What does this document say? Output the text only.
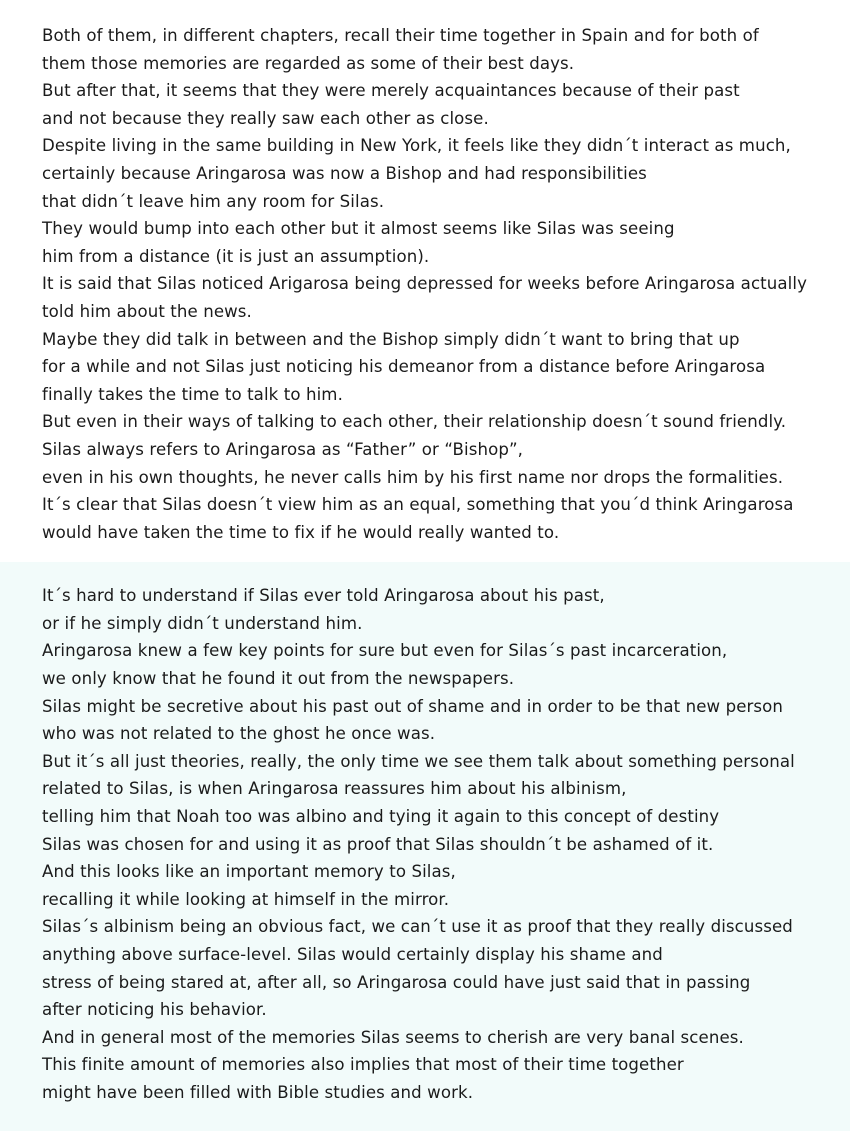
Both of them, in different chapters, recall their time together in Spain and for both of
them those memories are regarded as some of their best days.
But after that, it seems that they were merely acquaintances because of their past
and not because they really saw each other as close.
Despite living in the same building in New York, it feels like they didn´t interact as much,
certainly because Aringarosa was now a Bishop and had responsibilities
that didn´t leave him any room for Silas.
They would bump into each other but it almost seems like Silas was seeing
him from a distance (it is just an assumption).
It is said that Silas noticed Arigarosa being depressed for weeks before Aringarosa actually
told him about the news.
Maybe they did talk in between and the Bishop simply didn´t want to bring that up
for a while and not Silas just noticing his demeanor from a distance before Aringarosa
finally takes the time to talk to him.
But even in their ways of talking to each other, their relationship doesn´t sound friendly.
Silas always refers to Aringarosa as “Father” or “Bishop”,
even in his own thoughts, he never calls him by his first name nor drops the formalities.
It´s clear that Silas doesn´t view him as an equal, something that you´d think Aringarosa
would have taken the time to fix if he would really wanted to.
It´s hard to understand if Silas ever told Aringarosa about his past,
or if he simply didn´t understand him.
Aringarosa knew a few key points for sure but even for Silas´s past incarceration,
we only know that he found it out from the newspapers.
Silas might be secretive about his past out of shame and in order to be that new person
who was not related to the ghost he once was.
But it´s all just theories, really, the only time we see them talk about something personal
related to Silas, is when Aringarosa reassures him about his albinism,
telling him that Noah too was albino and tying it again to this concept of destiny
Silas was chosen for and using it as proof that Silas shouldn´t be ashamed of it.
And this looks like an important memory to Silas,
recalling it while looking at himself in the mirror.
Silas´s albinism being an obvious fact, we can´t use it as proof that they really discussed
anything above surface-level. Silas would certainly display his shame and
stress of being stared at, after all, so Aringarosa could have just said that in passing
after noticing his behavior.
And in general most of the memories Silas seems to cherish are very banal scenes.
This finite amount of memories also implies that most of their time together
might have been filled with Bible studies and work.
